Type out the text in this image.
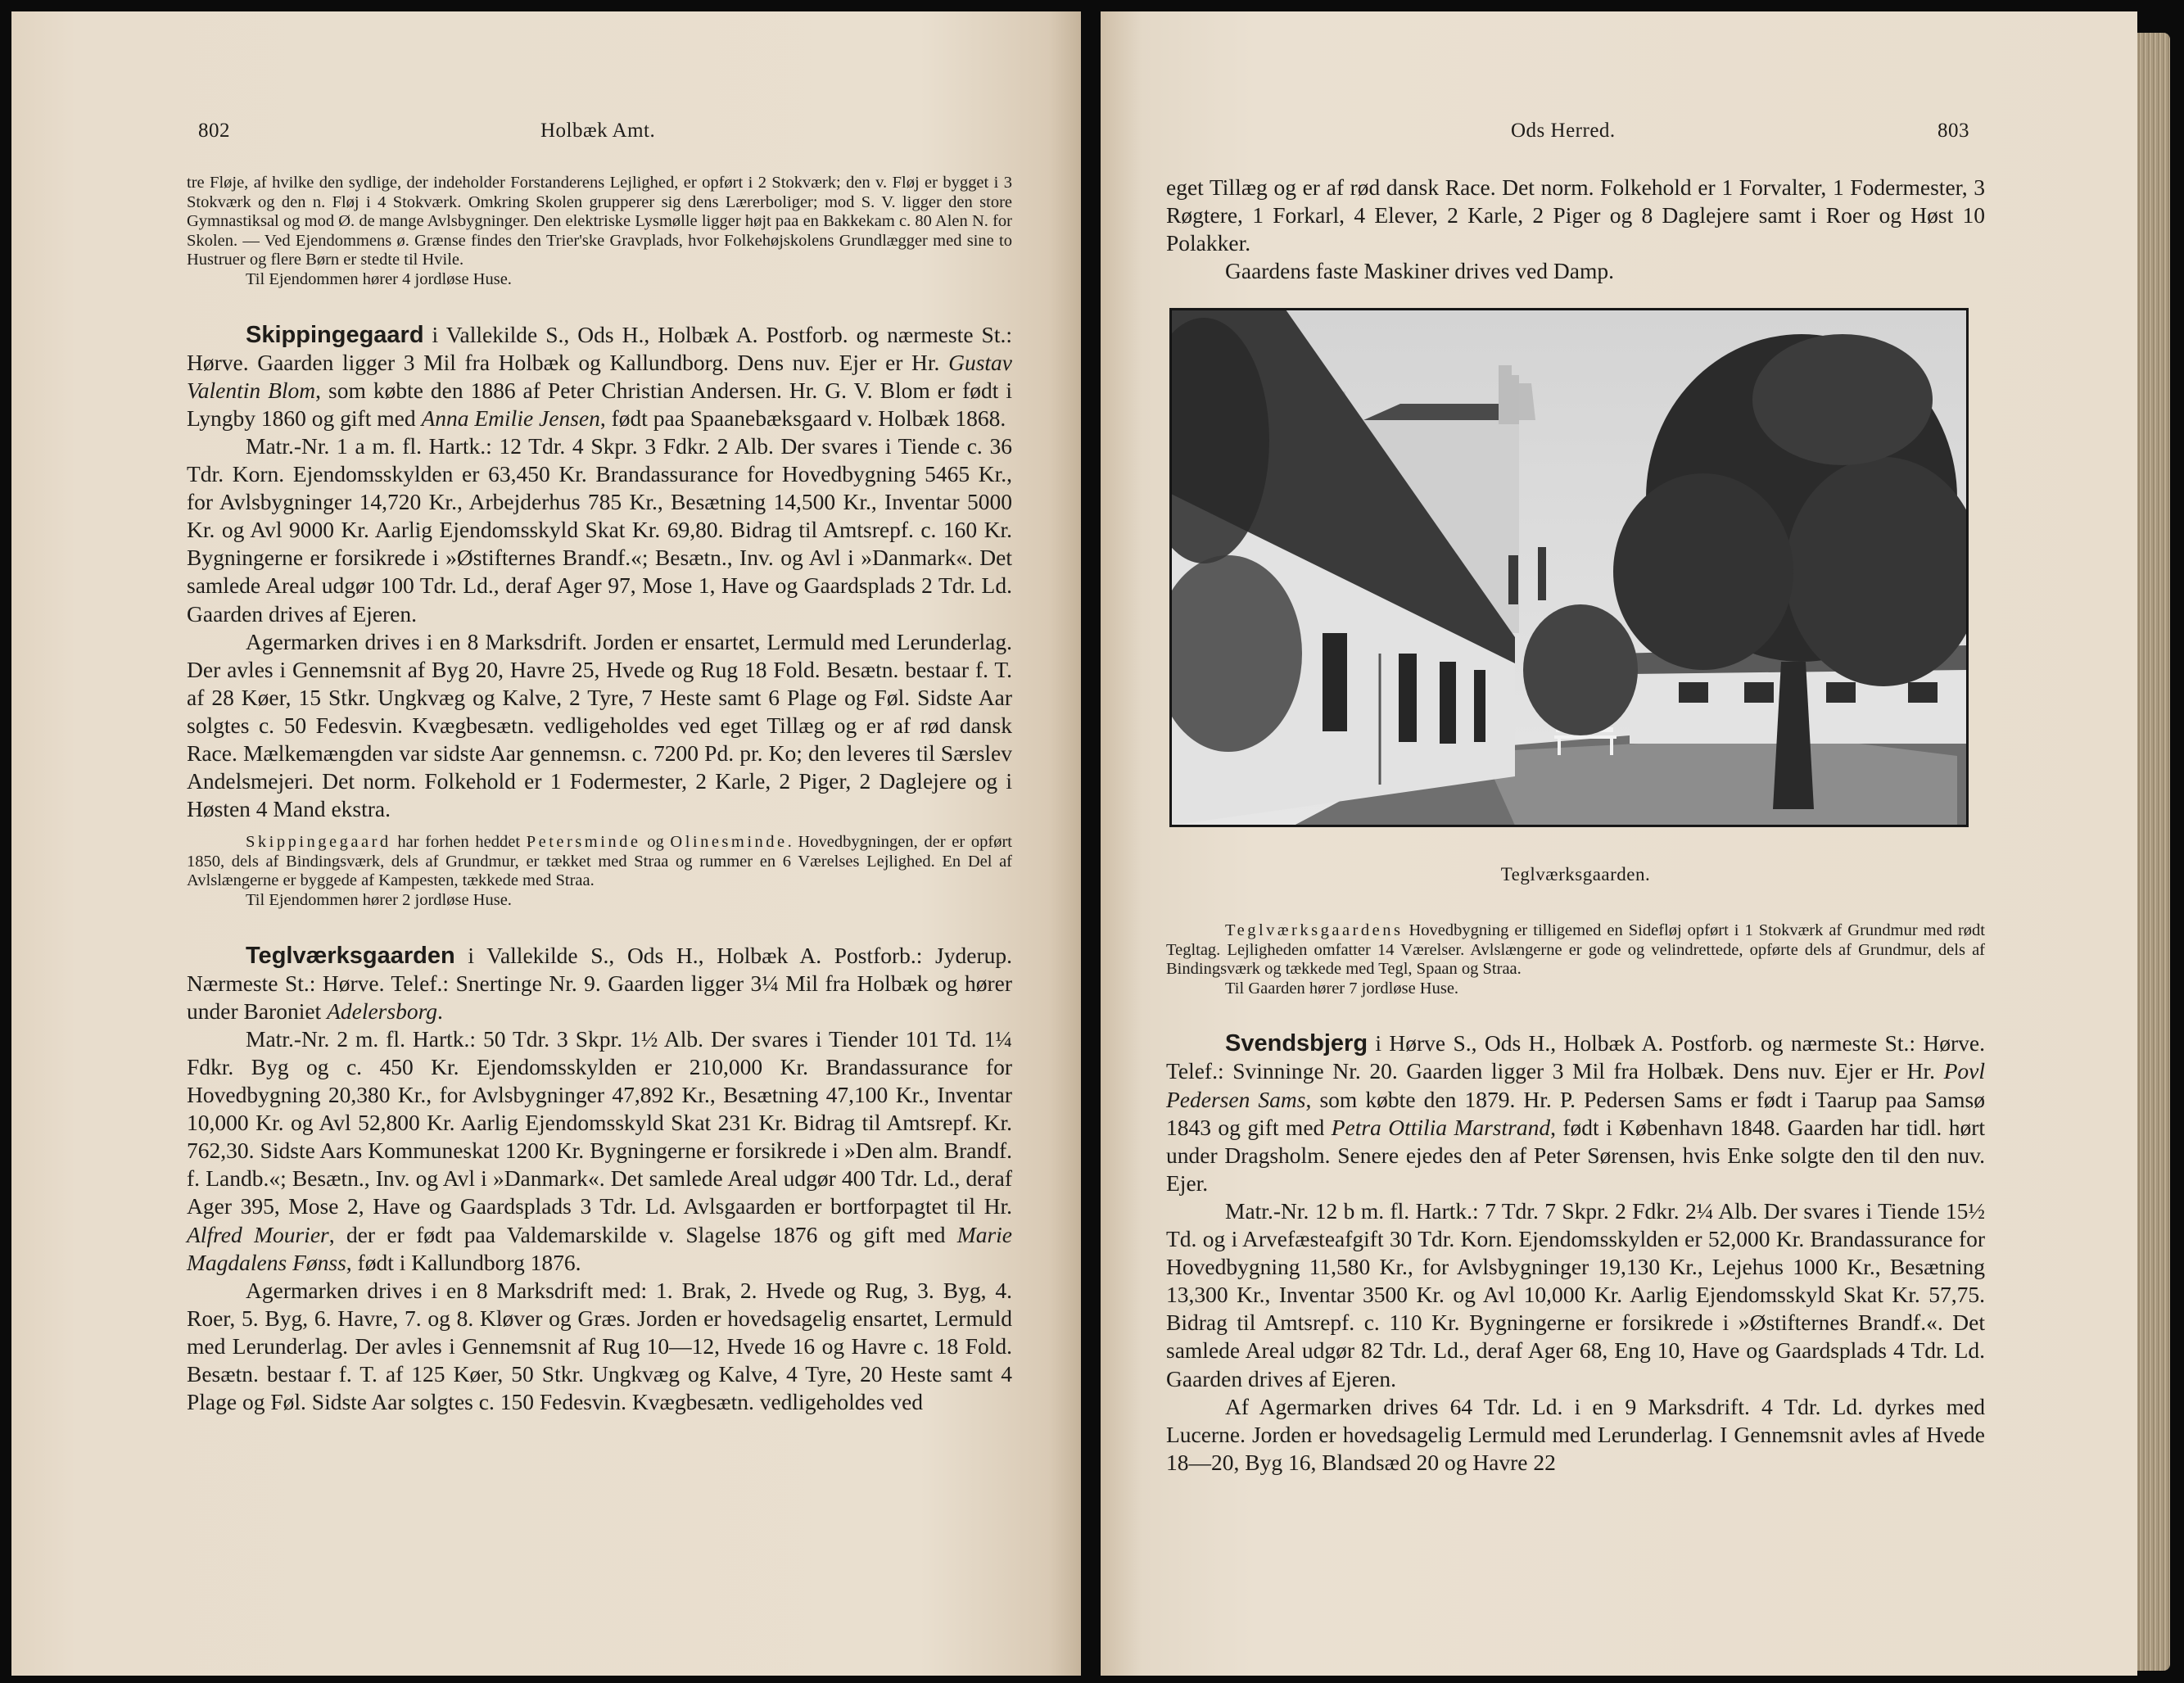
802	Holbæk Amt.

tre Fløje, af hvilke den sydlige, der indeholder Forstanderens Lejlighed, er opført i 2 Stokværk; den v. Fløj er bygget i 3 Stokværk og den n. Fløj i 4 Stokværk. Omkring Skolen grupperer sig dens Lærerboliger; mod S. V. ligger den store Gymnastiksal og mod Ø. de mange Avlsbygninger. Den elektriske Lysmølle ligger højt paa en Bakkekam c. 80 Alen N. for Skolen. — Ved Ejendommens ø. Grænse findes den Trier'ske Gravplads, hvor Folkehøjskolens Grundlægger med sine to Hustruer og flere Børn er stedte til Hvile.

Til Ejendommen hører 4 jordløse Huse.

Skippingegaard i Vallekilde S., Ods H., Holbæk A. Postforb. og nærmeste St.: Hørve. Gaarden ligger 3 Mil fra Holbæk og Kallundborg. Dens nuv. Ejer er Hr. Gustav Valentin Blom, som købte den 1886 af Peter Christian Andersen. Hr. G. V. Blom er født i Lyngby 1860 og gift med Anna Emilie Jensen, født paa Spaanebæksgaard v. Holbæk 1868.

Matr.-Nr. 1 a m. fl. Hartk.: 12 Tdr. 4 Skpr. 3 Fdkr. 2 Alb. Der svares i Tiende c. 36 Tdr. Korn. Ejendomsskylden er 63,450 Kr. Brandassurance for Hovedbygning 5465 Kr., for Avlsbygninger 14,720 Kr., Arbejderhus 785 Kr., Besætning 14,500 Kr., Inventar 5000 Kr. og Avl 9000 Kr. Aarlig Ejendomsskyld Skat Kr. 69,80. Bidrag til Amtsrepf. c. 160 Kr. Bygningerne er forsikrede i »Østifternes Brandf.«; Besætn., Inv. og Avl i »Danmark«. Det samlede Areal udgør 100 Tdr. Ld., deraf Ager 97, Mose 1, Have og Gaardsplads 2 Tdr. Ld. Gaarden drives af Ejeren.

Agermarken drives i en 8 Marksdrift. Jorden er ensartet, Lermuld med Lerunderlag. Der avles i Gennemsnit af Byg 20, Havre 25, Hvede og Rug 18 Fold. Besætn. bestaar f. T. af 28 Køer, 15 Stkr. Ungkvæg og Kalve, 2 Tyre, 7 Heste samt 6 Plage og Føl. Sidste Aar solgtes c. 50 Fedesvin. Kvægbesætn. vedligeholdes ved eget Tillæg og er af rød dansk Race. Mælkemængden var sidste Aar gennemsn. c. 7200 Pd. pr. Ko; den leveres til Særslev Andelsmejeri. Det norm. Folkehold er 1 Fodermester, 2 Karle, 2 Piger, 2 Daglejere og i Høsten 4 Mand ekstra.

Skippingegaard har forhen heddet Petersminde og Olinesminde. Hovedbygningen, der er opført 1850, dels af Bindingsværk, dels af Grundmur, er tækket med Straa og rummer en 6 Værelses Lejlighed. En Del af Avlslængerne er byggede af Kampesten, tækkede med Straa.

Til Ejendommen hører 2 jordløse Huse.

Teglværksgaarden i Vallekilde S., Ods H., Holbæk A. Postforb.: Jyderup. Nærmeste St.: Hørve. Telef.: Snertinge Nr. 9. Gaarden ligger 3¼ Mil fra Holbæk og hører under Baroniet Adelersborg.

Matr.-Nr. 2 m. fl. Hartk.: 50 Tdr. 3 Skpr. 1½ Alb. Der svares i Tiender 101 Td. 1¼ Fdkr. Byg og c. 450 Kr. Ejendomsskylden er 210,000 Kr. Brandassurance for Hovedbygning 20,380 Kr., for Avlsbygninger 47,892 Kr., Besætning 47,100 Kr., Inventar 10,000 Kr. og Avl 52,800 Kr. Aarlig Ejendomsskyld Skat 231 Kr. Bidrag til Amtsrepf. Kr. 762,30. Sidste Aars Kommuneskat 1200 Kr. Bygningerne er forsikrede i »Den alm. Brandf. f. Landb.«; Besætn., Inv. og Avl i »Danmark«. Det samlede Areal udgør 400 Tdr. Ld., deraf Ager 395, Mose 2, Have og Gaardsplads 3 Tdr. Ld. Avlsgaarden er bortforpagtet til Hr. Alfred Mourier, der er født paa Valdemarskilde v. Slagelse 1876 og gift med Marie Magdalens Fønss, født i Kallundborg 1876.

Agermarken drives i en 8 Marksdrift med: 1. Brak, 2. Hvede og Rug, 3. Byg, 4. Roer, 5. Byg, 6. Havre, 7. og 8. Kløver og Græs. Jorden er hovedsagelig ensartet, Lermuld med Lerunderlag. Der avles i Gennemsnit af Rug 10—12, Hvede 16 og Havre c. 18 Fold. Besætn. bestaar f. T. af 125 Køer, 50 Stkr. Ungkvæg og Kalve, 4 Tyre, 20 Heste samt 4 Plage og Føl. Sidste Aar solgtes c. 150 Fedesvin. Kvægbesætn. vedligeholdes ved

Ods Herred.	803

eget Tillæg og er af rød dansk Race. Det norm. Folkehold er 1 Forvalter, 1 Fodermester, 3 Røgtere, 1 Forkarl, 4 Elever, 2 Karle, 2 Piger og 8 Daglejere samt i Roer og Høst 10 Polakker.

Gaardens faste Maskiner drives ved Damp.

Teglværksgaarden.

Teglværksgaardens Hovedbygning er tilligemed en Sidefløj opført i 1 Stokværk af Grundmur med rødt Tegltag. Lejligheden omfatter 14 Værelser. Avlslængerne er gode og velindrettede, opførte dels af Grundmur, dels af Bindingsværk og tækkede med Tegl, Spaan og Straa.

Til Gaarden hører 7 jordløse Huse.

Svendsbjerg i Hørve S., Ods H., Holbæk A. Postforb. og nærmeste St.: Hørve. Telef.: Svinninge Nr. 20. Gaarden ligger 3 Mil fra Holbæk. Dens nuv. Ejer er Hr. Povl Pedersen Sams, som købte den 1879. Hr. P. Pedersen Sams er født i Taarup paa Samsø 1843 og gift med Petra Ottilia Marstrand, født i København 1848. Gaarden har tidl. hørt under Dragsholm. Senere ejedes den af Peter Sørensen, hvis Enke solgte den til den nuv. Ejer.

Matr.-Nr. 12 b m. fl. Hartk.: 7 Tdr. 7 Skpr. 2 Fdkr. 2¼ Alb. Der svares i Tiende 15½ Td. og i Arvefæsteafgift 30 Tdr. Korn. Ejendomsskylden er 52,000 Kr. Brandassurance for Hovedbygning 11,580 Kr., for Avlsbygninger 19,130 Kr., Lejehus 1000 Kr., Besætning 13,300 Kr., Inventar 3500 Kr. og Avl 10,000 Kr. Aarlig Ejendomsskyld Skat Kr. 57,75. Bidrag til Amtsrepf. c. 110 Kr. Bygningerne er forsikrede i »Østifternes Brandf.«. Det samlede Areal udgør 82 Tdr. Ld., deraf Ager 68, Eng 10, Have og Gaardsplads 4 Tdr. Ld. Gaarden drives af Ejeren.

Af Agermarken drives 64 Tdr. Ld. i en 9 Marksdrift. 4 Tdr. Ld. dyrkes med Lucerne. Jorden er hovedsagelig Lermuld med Lerunderlag. I Gennemsnit avles af Hvede 18—20, Byg 16, Blandsæd 20 og Havre 22
